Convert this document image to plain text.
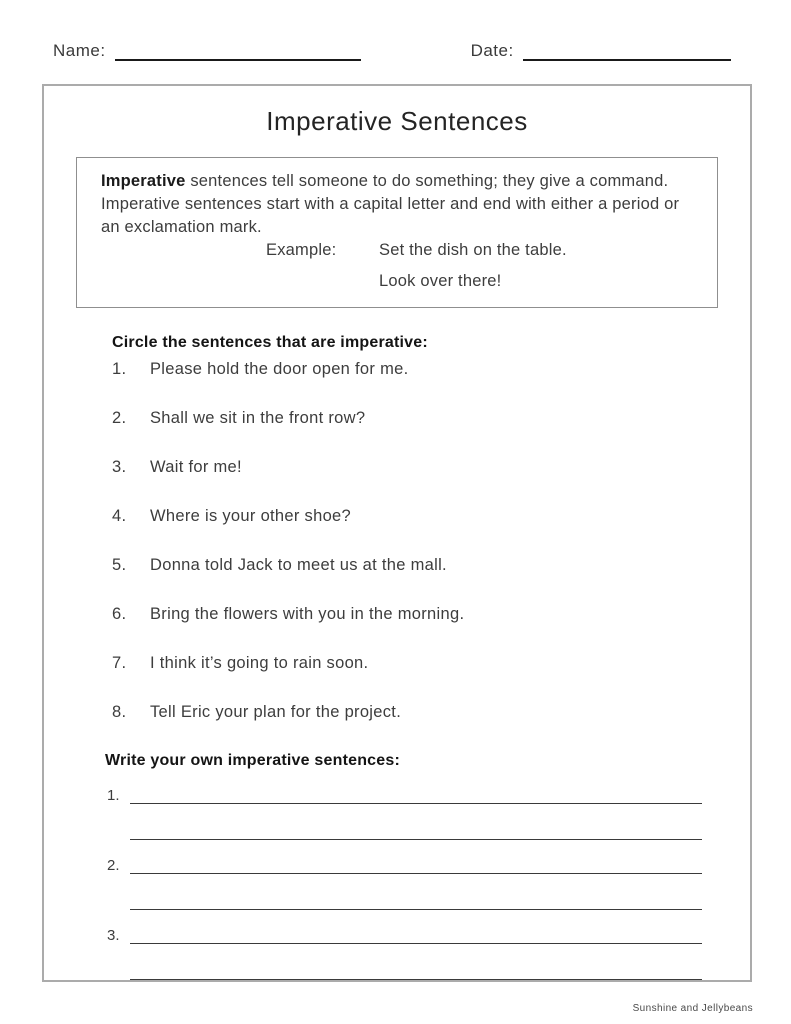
Name:	Date:
Imperative Sentences
Imperative sentences tell someone to do something; they give a command.
Imperative sentences start with a capital letter and end with either a period or
an exclamation mark.
Example:	Set the dish on the table.
Look over there!
Circle the sentences that are imperative:
1. Please hold the door open for me.
2. Shall we sit in the front row?
3. Wait for me!
4. Where is your other shoe?
5. Donna told Jack to meet us at the mall.
6. Bring the flowers with you in the morning.
7. I think it’s going to rain soon.
8. Tell Eric your plan for the project.
Write your own imperative sentences:
1.
2.
3.
Sunshine and Jellybeans
